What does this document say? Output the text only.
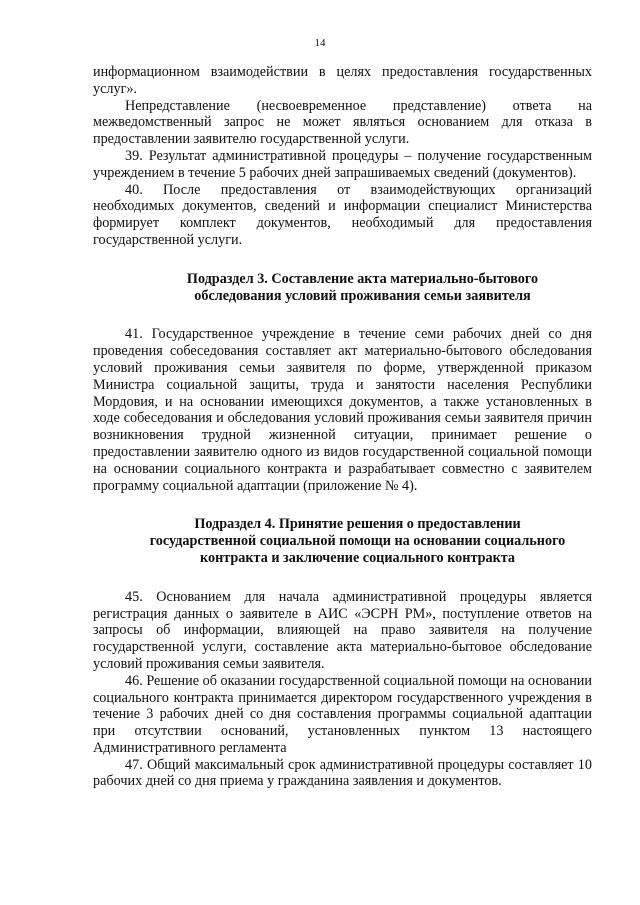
14

информационном взаимодействии в целях предоставления государственных услуг».

Непредставление (несвоевременное представление) ответа на межведомственный запрос не может являться основанием для отказа в предоставлении заявителю государственной услуги.

39. Результат административной процедуры – получение государственным учреждением в течение 5 рабочих дней запрашиваемых сведений (документов).

40. После предоставления от взаимодействующих организаций необходимых документов, сведений и информации специалист Министерства формирует комплект документов, необходимый для предоставления государственной услуги.

Подраздел 3. Составление акта материально-бытового
обследования условий проживания семьи заявителя

41. Государственное учреждение в течение семи рабочих дней со дня проведения собеседования составляет акт материально-бытового обследования условий проживания семьи заявителя по форме, утвержденной приказом Министра социальной защиты, труда и занятости населения Республики Мордовия, и на основании имеющихся документов, а также установленных в ходе собеседования и обследования условий проживания семьи заявителя причин возникновения трудной жизненной ситуации, принимает решение о предоставлении заявителю одного из видов государственной социальной помощи на основании социального контракта и разрабатывает совместно с заявителем программу социальной адаптации (приложение № 4).

Подраздел 4. Принятие решения о предоставлении
государственной социальной помощи на основании социального
контракта и заключение социального контракта

45. Основанием для начала административной процедуры является регистрация данных о заявителе в АИС «ЭСРН РМ», поступление ответов на запросы об информации, влияющей на право заявителя на получение государственной услуги, составление акта материально-бытовое обследование условий проживания семьи заявителя.

46. Решение об оказании государственной социальной помощи на основании социального контракта принимается директором государственного учреждения в течение 3 рабочих дней со дня составления программы социальной адаптации при отсутствии оснований, установленных пунктом 13 настоящего Административного регламента

47. Общий максимальный срок административной процедуры составляет 10 рабочих дней со дня приема у гражданина заявления и документов.
